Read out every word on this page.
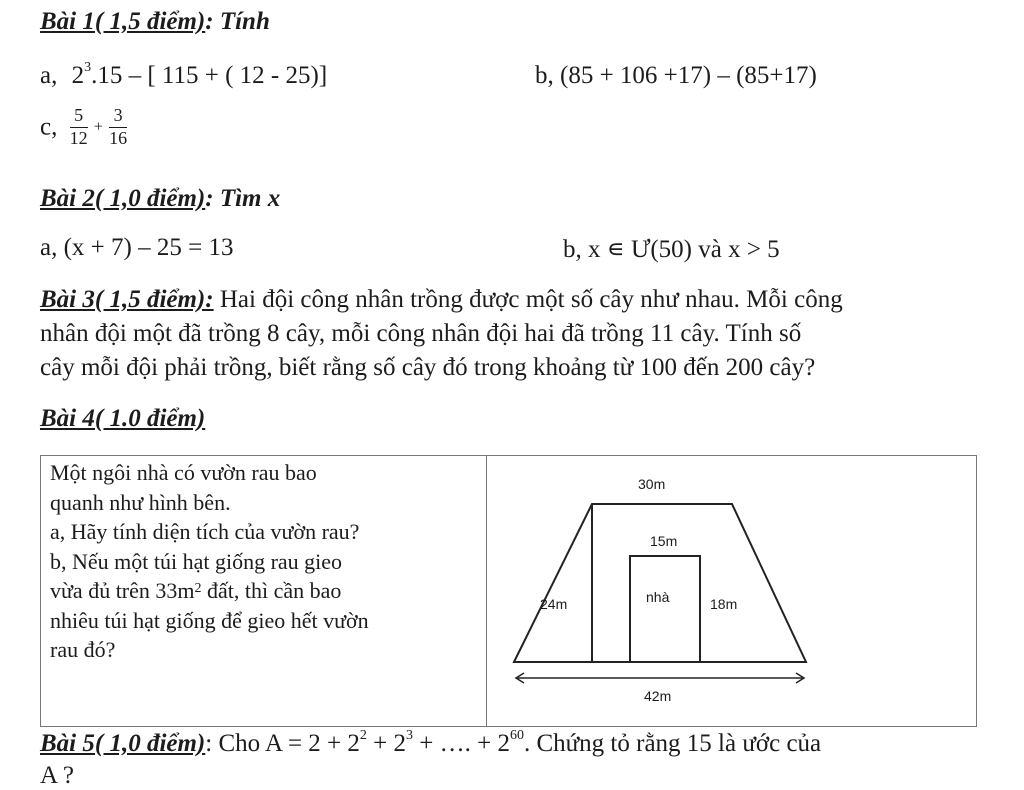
Bài 1( 1,5 điểm): Tính
a, $2^3.15$ – [ 115 + ( 12 - 25)]	b, (85 + 106 +17) – (85+17)
c, $\frac{5}{12} + \frac{3}{16}$
Bài 2( 1,0 điểm): Tìm x
a, (x + 7) – 25 = 13	b, x ∊ Ư(50) và x > 5
Bài 3( 1,5 điểm): Hai đội công nhân trồng được một số cây như nhau. Mỗi công
nhân đội một đã trồng 8 cây, mỗi công nhân đội hai đã trồng 11 cây. Tính số
cây mỗi đội phải trồng, biết rằng số cây đó trong khoảng từ 100 đến 200 cây?
Bài 4( 1.0 điểm)
Một ngôi nhà có vườn rau bao
quanh như hình bên.
a, Hãy tính diện tích của vườn rau?
b, Nếu một túi hạt giống rau gieo
vừa đủ trên $33m^2$ đất, thì cần bao
nhiêu túi hạt giống để gieo hết vườn
rau đó?
30m
15m
24m	nhà	18m
42m
Bài 5( 1,0 điểm): Cho $A = 2 + 2^2 + 2^3$ + …. + $2^{60}$. Chứng tỏ rằng 15 là ước của
A ?
